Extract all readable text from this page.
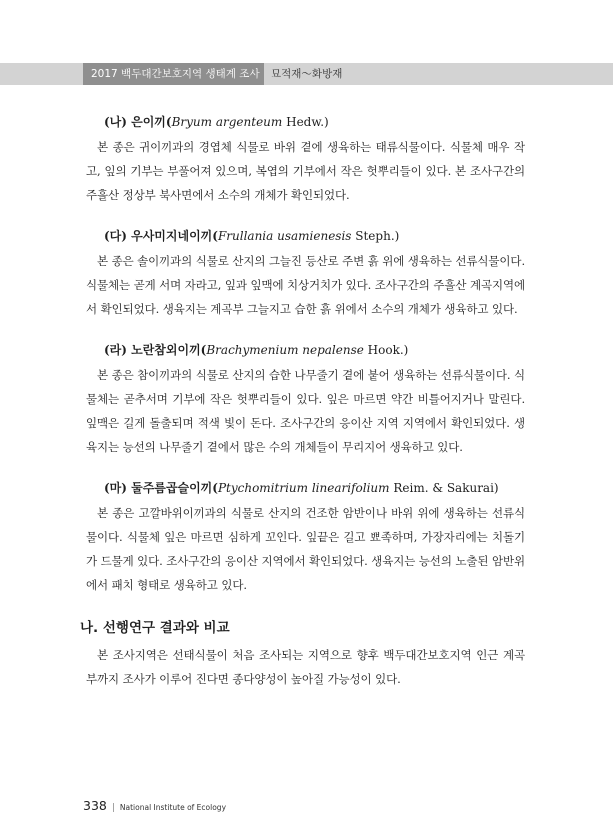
2017 백두대간보호지역 생태계 조사	묘적재～화방재
(나) 은이끼(Bryum argenteum Hedw.)

본 종은 귀이끼과의 경엽체 식물로 바위 곁에 생육하는 태류식물이다. 식물체 매우 작고, 잎의 기부는 부풀어져 있으며, 복엽의 기부에서 작은 헛뿌리들이 있다. 본 조사구간의 주흘산 정상부 북사면에서 소수의 개체가 확인되었다.

(다) 우사미지네이끼(Frullania usamienesis Steph.)

본 종은 솔이끼과의 식물로 산지의 그늘진 등산로 주변 흙 위에 생육하는 선류식물이다. 식물체는 곧게 서며 자라고, 잎과 잎맥에 치상거치가 있다. 조사구간의 주흘산 계곡지역에서 확인되었다. 생육지는 계곡부 그늘지고 습한 흙 위에서 소수의 개체가 생육하고 있다.

(라) 노란참외이끼(Brachymenium nepalense Hook.)

본 종은 참이끼과의 식물로 산지의 습한 나무줄기 곁에 붙어 생육하는 선류식물이다. 식물체는 곧추서며 기부에 작은 헛뿌리들이 있다. 잎은 마르면 약간 비틀어지거나 말린다. 잎맥은 길게 돌출되며 적색 빛이 돈다. 조사구간의 응이산 지역 지역에서 확인되었다. 생육지는 능선의 나무줄기 곁에서 많은 수의 개체들이 무리지어 생육하고 있다.

(마) 둘주름곱슬이끼(Ptychomitrium linearifolium Reim. & Sakurai)

본 종은 고깔바위이끼과의 식물로 산지의 건조한 암반이나 바위 위에 생육하는 선류식물이다. 식물체 잎은 마르면 심하게 꼬인다. 잎끝은 길고 뾰족하며, 가장자리에는 치돌기가 드물게 있다. 조사구간의 응이산 지역에서 확인되었다. 생육지는 능선의 노출된 암반위에서 패치 형태로 생육하고 있다.

나. 선행연구 결과와 비교

본 조사지역은 선태식물이 처음 조사되는 지역으로 향후 백두대간보호지역 인근 계곡부까지 조사가 이루어 진다면 종다양성이 높아질 가능성이 있다.

338 | National Institute of Ecology
